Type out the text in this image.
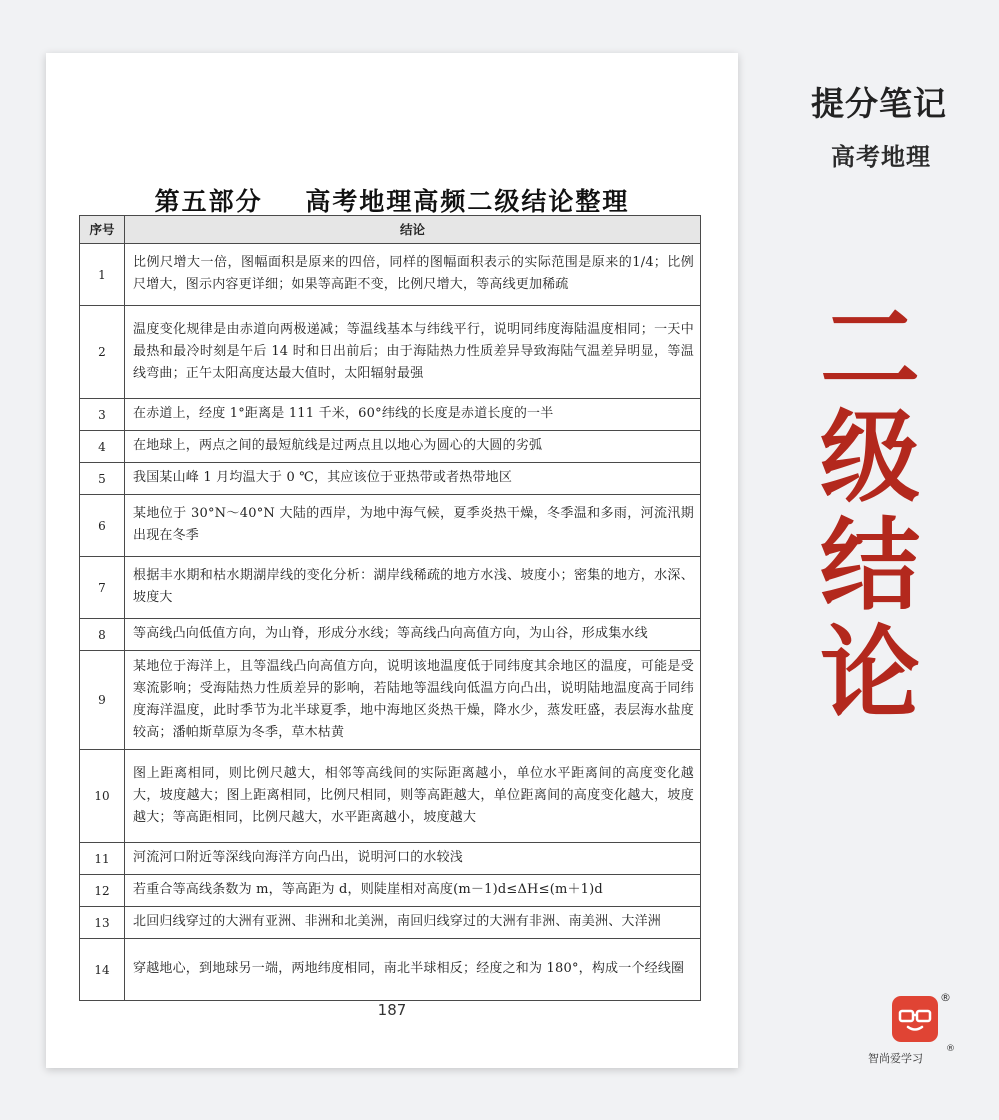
第五部分    高考地理高频二级结论整理
序号	结论
1	比例尺增大一倍，图幅面积是原来的四倍，同样的图幅面积表示的实际范围是原来的1/4；比例尺增大，图示内容更详细；如果等高距不变，比例尺增大，等高线更加稀疏
2	温度变化规律是由赤道向两极递减；等温线基本与纬线平行，说明同纬度海陆温度相同；一天中最热和最冷时刻是午后 14 时和日出前后；由于海陆热力性质差异导致海陆气温差异明显，等温线弯曲；正午太阳高度达最大值时，太阳辐射最强
3	在赤道上，经度 1°距离是 111 千米，60°纬线的长度是赤道长度的一半
4	在地球上，两点之间的最短航线是过两点且以地心为圆心的大圆的劣弧
5	我国某山峰 1 月均温大于 0 ℃，其应该位于亚热带或者热带地区
6	某地位于 30°N～40°N 大陆的西岸，为地中海气候，夏季炎热干燥，冬季温和多雨，河流汛期出现在冬季
7	根据丰水期和枯水期湖岸线的变化分析：湖岸线稀疏的地方水浅、坡度小；密集的地方，水深、坡度大
8	等高线凸向低值方向，为山脊，形成分水线；等高线凸向高值方向，为山谷，形成集水线
9	某地位于海洋上，且等温线凸向高值方向，说明该地温度低于同纬度其余地区的温度，可能是受寒流影响；受海陆热力性质差异的影响，若陆地等温线向低温方向凸出，说明陆地温度高于同纬度海洋温度，此时季节为北半球夏季，地中海地区炎热干燥，降水少，蒸发旺盛，表层海水盐度较高；潘帕斯草原为冬季，草木枯黄
10	图上距离相同，则比例尺越大，相邻等高线间的实际距离越小，单位水平距离间的高度变化越大，坡度越大；图上距离相同，比例尺相同，则等高距越大，单位距离间的高度变化越大，坡度越大；等高距相同，比例尺越大，水平距离越小，坡度越大
11	河流河口附近等深线向海洋方向凸出，说明河口的水较浅
12	若重合等高线条数为 m，等高距为 d，则陡崖相对高度(m－1)d≤ΔH≤(m＋1)d
13	北回归线穿过的大洲有亚洲、非洲和北美洲，南回归线穿过的大洲有非洲、南美洲、大洋洲
14	穿越地心，到地球另一端，两地纬度相同，南北半球相反；经度之和为 180°，构成一个经线圈
187
提分笔记
高考地理
二级结论
®
智尚爱学习
®
